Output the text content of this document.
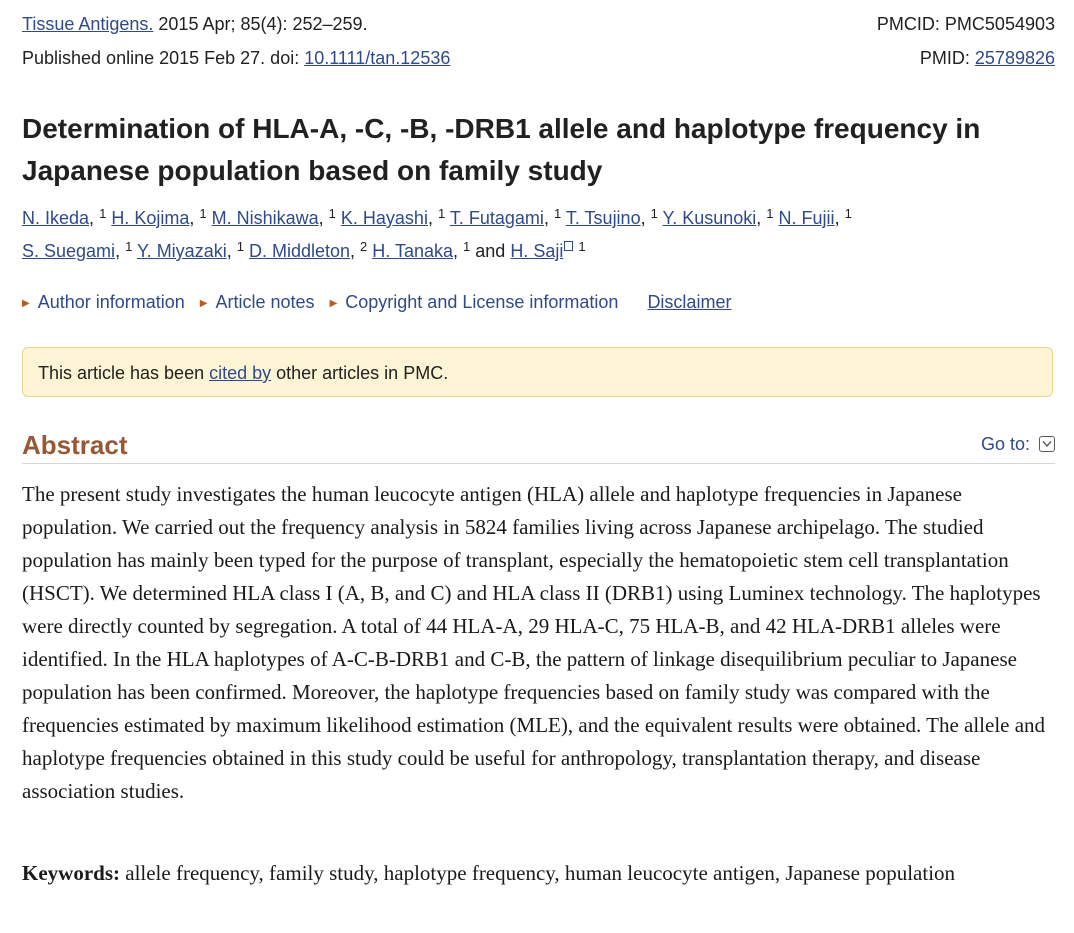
Tissue Antigens. 2015 Apr; 85(4): 252–259.	PMCID: PMC5054903
Published online 2015 Feb 27. doi: 10.1111/tan.12536	PMID: 25789826
Determination of HLA-A, -C, -B, -DRB1 allele and haplotype frequency in Japanese population based on family study
N. Ikeda, $^1$ H. Kojima, $^1$ M. Nishikawa, $^1$ K. Hayashi, $^1$ T. Futagami, $^1$ T. Tsujino, $^1$ Y. Kusunoki, $^1$ N. Fujii, $^1$
S. Suegami, $^1$ Y. Miyazaki, $^1$ D. Middleton, $^2$ H. Tanaka, $^1$ and H. Saji $^1$
▶ Author information ▶ Article notes ▶ Copyright and License information Disclaimer
This article has been cited by other articles in PMC.
Abstract	Go to:

The present study investigates the human leucocyte antigen (HLA) allele and haplotype frequencies in Japanese population. We carried out the frequency analysis in 5824 families living across Japanese archipelago. The studied population has mainly been typed for the purpose of transplant, especially the hematopoietic stem cell transplantation (HSCT). We determined HLA class I (A, B, and C) and HLA class II (DRB1) using Luminex technology. The haplotypes were directly counted by segregation. A total of 44 HLA-A, 29 HLA-C, 75 HLA-B, and 42 HLA-DRB1 alleles were identified. In the HLA haplotypes of A-C-B-DRB1 and C-B, the pattern of linkage disequilibrium peculiar to Japanese population has been confirmed. Moreover, the haplotype frequencies based on family study was compared with the frequencies estimated by maximum likelihood estimation (MLE), and the equivalent results were obtained. The allele and haplotype frequencies obtained in this study could be useful for anthropology, transplantation therapy, and disease association studies.

Keywords: allele frequency, family study, haplotype frequency, human leucocyte antigen, Japanese population
